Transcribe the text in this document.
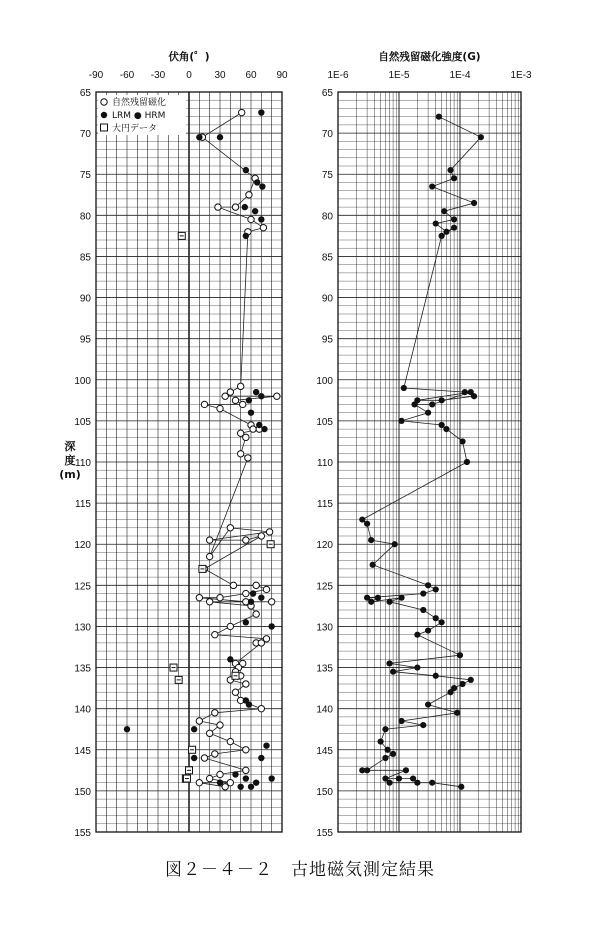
-90 -60 -30 0 30 60 90
伏角(゜)
65
70
75
80
85
90
95
100
105
110
115
120
125
130
135
140
145
150
155
1E-6	1E-5	1E-4	1E-3
自然残留磁化強度(G)
65
70
75
80
85
90
95
100
105
110
115
120
125
130
135
140
145
150
155
自然残留磁化
LRM ● HRM
大円データ
深
度
(m)
図２－４－２　古地磁気測定結果
